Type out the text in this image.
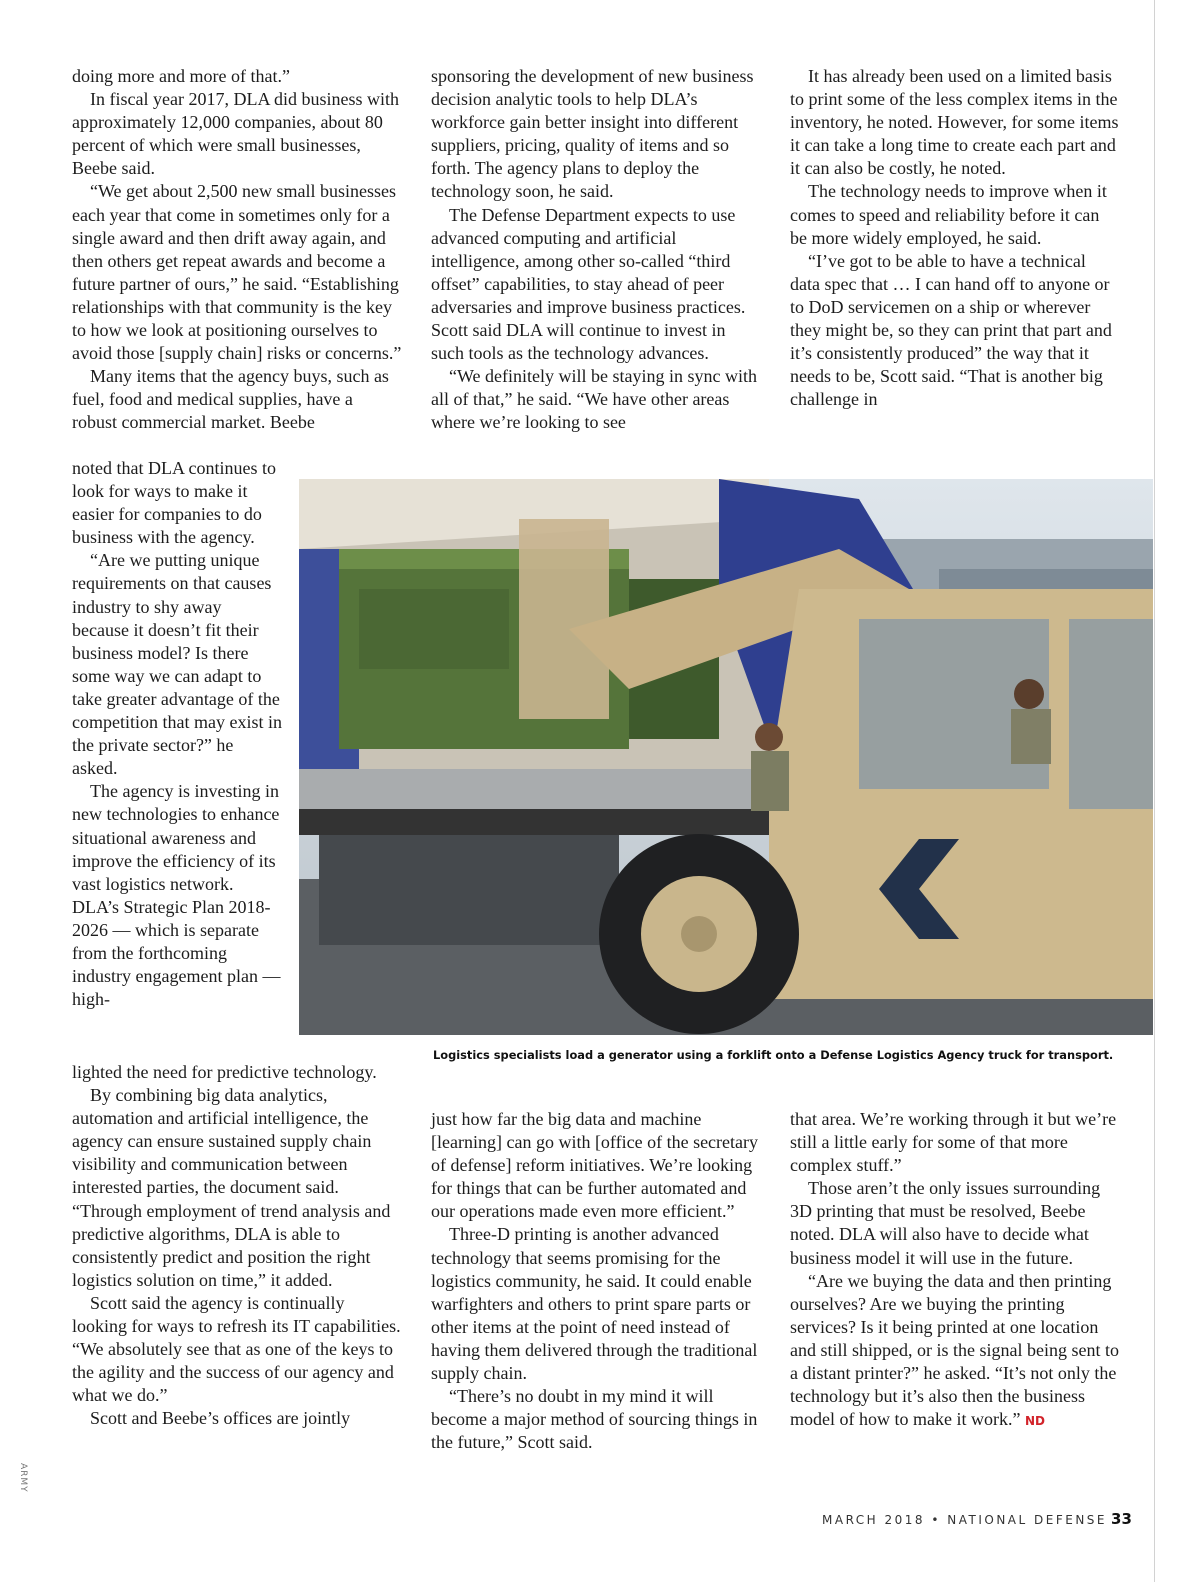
doing more and more of that.”

In fiscal year 2017, DLA did business with approximately 12,000 companies, about 80 percent of which were small businesses, Beebe said.

“We get about 2,500 new small businesses each year that come in sometimes only for a single award and then drift away again, and then others get repeat awards and become a future partner of ours,” he said. “Establishing relationships with that community is the key to how we look at positioning ourselves to avoid those [supply chain] risks or concerns.”

Many items that the agency buys, such as fuel, food and medical supplies, have a robust commercial market. Beebe

noted that DLA continues to look for ways to make it easier for companies to do business with the agency.

“Are we putting unique requirements on that causes industry to shy away because it doesn’t fit their business model? Is there some way we can adapt to take greater advantage of the competition that may exist in the private sector?” he asked.

The agency is investing in new technologies to enhance situational awareness and improve the efficiency of its vast logistics network. DLA’s Strategic Plan 2018-2026 — which is separate from the forthcoming industry engagement plan — high-

lighted the need for predictive technology.

By combining big data analytics, automation and artificial intelligence, the agency can ensure sustained supply chain visibility and communication between interested parties, the document said. “Through employment of trend analysis and predictive algorithms, DLA is able to consistently predict and position the right logistics solution on time,” it added.

Scott said the agency is continually looking for ways to refresh its IT capabilities. “We absolutely see that as one of the keys to the agility and the success of our agency and what we do.”

Scott and Beebe’s offices are jointly

sponsoring the development of new business decision analytic tools to help DLA’s workforce gain better insight into different suppliers, pricing, quality of items and so forth. The agency plans to deploy the technology soon, he said.

The Defense Department expects to use advanced computing and artificial intelligence, among other so-called “third offset” capabilities, to stay ahead of peer adversaries and improve business practices. Scott said DLA will continue to invest in such tools as the technology advances.

“We definitely will be staying in sync with all of that,” he said. “We have other areas where we’re looking to see

It has already been used on a limited basis to print some of the less complex items in the inventory, he noted. However, for some items it can take a long time to create each part and it can also be costly, he noted.

The technology needs to improve when it comes to speed and reliability before it can be more widely employed, he said.

“I’ve got to be able to have a technical data spec that … I can hand off to anyone or to DoD servicemen on a ship or wherever they might be, so they can print that part and it’s consistently produced” the way that it needs to be, Scott said. “That is another big challenge in

Logistics specialists load a generator using a forklift onto a Defense Logistics Agency truck for transport.

just how far the big data and machine [learning] can go with [office of the secretary of defense] reform initiatives. We’re looking for things that can be further automated and our operations made even more efficient.”

Three-D printing is another advanced technology that seems promising for the logistics community, he said. It could enable warfighters and others to print spare parts or other items at the point of need instead of having them delivered through the traditional supply chain.

“There’s no doubt in my mind it will become a major method of sourcing things in the future,” Scott said.

that area. We’re working through it but we’re still a little early for some of that more complex stuff.”

Those aren’t the only issues surrounding 3D printing that must be resolved, Beebe noted. DLA will also have to decide what business model it will use in the future.

“Are we buying the data and then printing ourselves? Are we buying the printing services? Is it being printed at one location and still shipped, or is the signal being sent to a distant printer?” he asked. “It’s not only the technology but it’s also then the business model of how to make it work.” ND

ARMY
MARCH 2018 • NATIONAL DEFENSE 33
